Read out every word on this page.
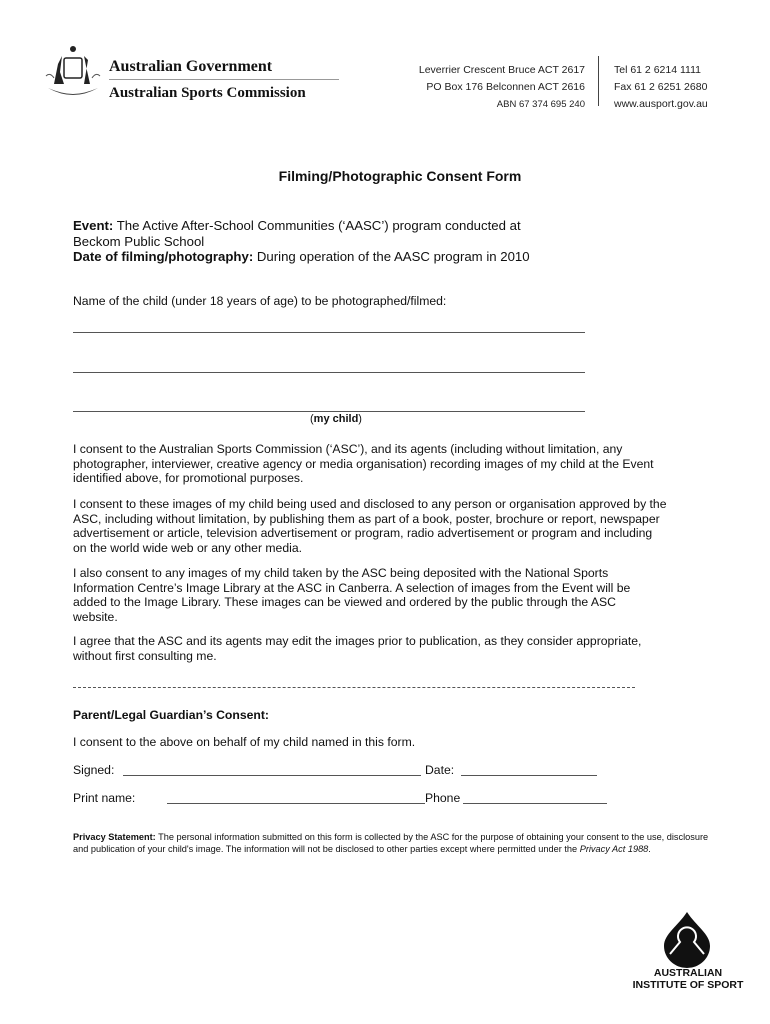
Australian Government
Australian Sports Commission
Leverrier Crescent Bruce ACT 2617
PO Box 176 Belconnen ACT 2616
ABN 67 374 695 240
Tel 61 2 6214 1111
Fax 61 2 6251 2680
www.ausport.gov.au
Filming/Photographic Consent Form
Event: The Active After-School Communities (‘AASC’) program conducted at
Beckom Public School
Date of filming/photography: During operation of the AASC program in 2010
Name of the child (under 18 years of age) to be photographed/filmed:
(my child)
I consent to the Australian Sports Commission (‘ASC’), and its agents (including without limitation, any photographer, interviewer, creative agency or media organisation) recording images of my child at the Event identified above, for promotional purposes.
I consent to these images of my child being used and disclosed to any person or organisation approved by the ASC, including without limitation, by publishing them as part of a book, poster, brochure or report, newspaper advertisement or article, television advertisement or program, radio advertisement or program and including on the world wide web or any other media.
I also consent to any images of my child taken by the ASC being deposited with the National Sports Information Centre’s Image Library at the ASC in Canberra. A selection of images from the Event will be added to the Image Library. These images can be viewed and ordered by the public through the ASC website.
I agree that the ASC and its agents may edit the images prior to publication, as they consider appropriate, without first consulting me.
Parent/Legal Guardian’s Consent:
I consent to the above on behalf of my child named in this form.
Signed:	Date:
Print name:	Phone
Privacy Statement: The personal information submitted on this form is collected by the ASC for the purpose of obtaining your consent to the use, disclosure and publication of your child's image. The information will not be disclosed to other parties except where permitted under the Privacy Act 1988.
AUSTRALIAN
INSTITUTE OF SPORT
